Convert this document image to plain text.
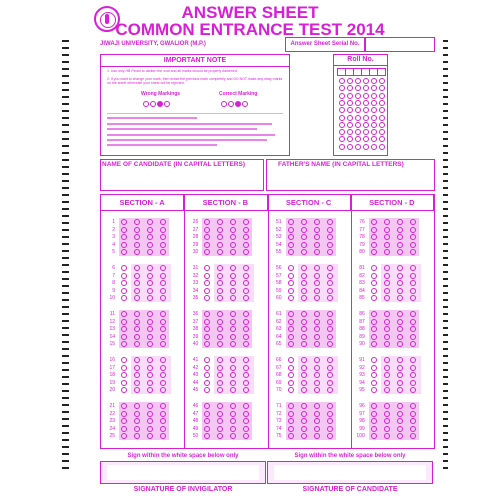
ANSWER SHEET
COMMON ENTRANCE TEST 2014
JIWAJI UNIVERSITY, GWALIOR (M.P.)	Answer Sheet Serial No.
IMPORTANT NOTE
1. Use only HB Pencil to darken the oval and all marks should be properly darkened.
2. If you want to change your mark, then erase the previous mark completely and DO NOT make any stray marks on the sheet otherwise your sheet will be rejected.
Wrong Markings	Correct Marking
Roll No.
NAME OF CANDIDATE (IN CAPITAL LETTERS)	FATHER'S NAME (IN CAPITAL LETTERS)
SECTION - A
1
2
3
4
5
6
7
8
9
10
11
12
13
14
15
16
17
18
19
20
21
22
23
24
25
SECTION - B
26
27
28
29
30
31
32
33
34
35
36
37
38
39
40
41
42
43
44
45
46
47
48
49
50
SECTION - C
51
52
53
54
55
56
57
58
59
60
61
62
63
64
65
66
67
68
69
70
71
72
73
74
75
SECTION - D
76
77
78
79
80
81
82
83
84
85
86
87
88
89
90
91
92
93
94
95
96
97
98
99
100
Sign within the white space below only	Sign within the white space below only
SIGNATURE OF INVIGILATOR	SIGNATURE OF CANDIDATE
